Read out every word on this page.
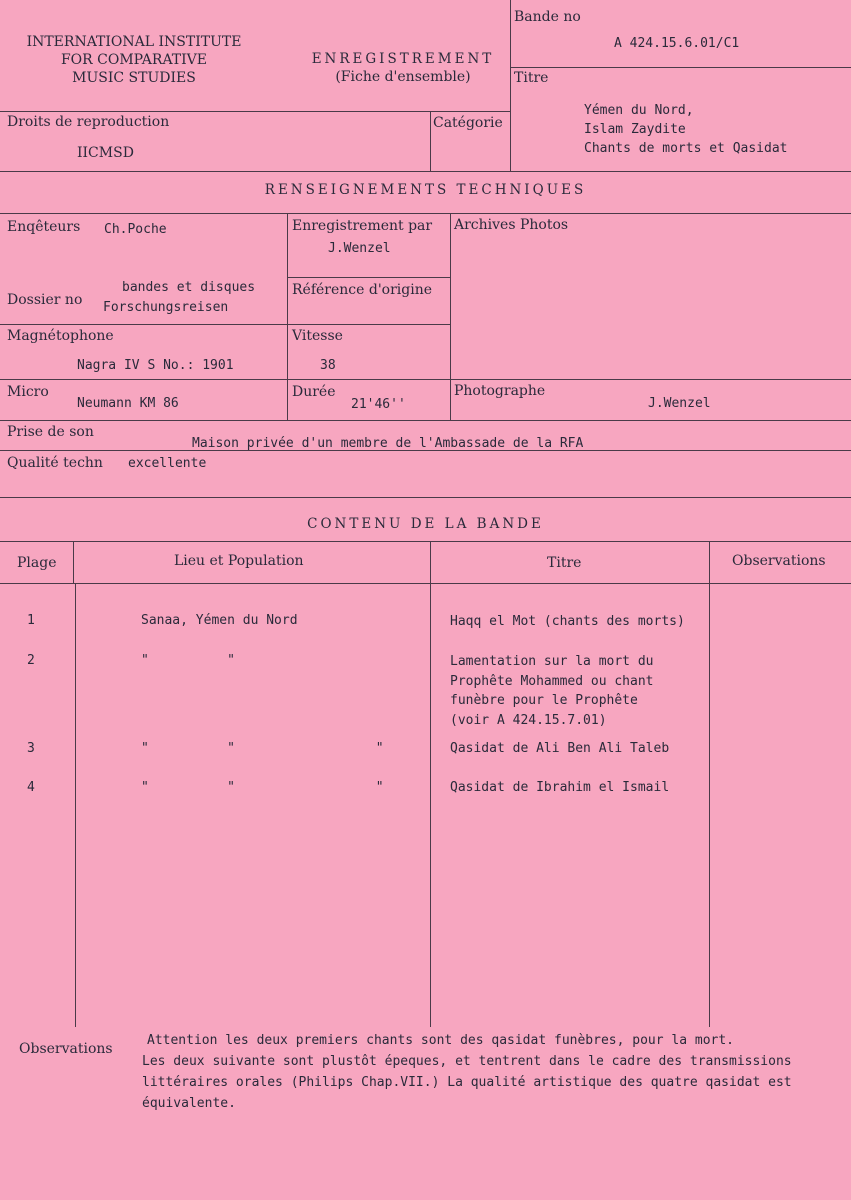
INTERNATIONAL INSTITUTE
FOR COMPARATIVE
MUSIC STUDIES
ENREGISTREMENT
(Fiche d'ensemble)
Bande no
A 424.15.6.01/C1
Titre
Yémen du Nord,
Islam Zaydite
Chants de morts et Qasidat
Droits de reproduction
IICMSD
Catégorie
RENSEIGNEMENTS TECHNIQUES
Enqêteurs Ch.Poche	Enregistrement par
J.Wenzel
Archives Photos
Dossier no
bandes et disques
Forschungsreisen
Référence d'origine
Magnétophone
Nagra IV S No.: 1901
Vitesse
38
Micro
Neumann KM 86
Durée
21'46''
Photographe
J.Wenzel
Prise de son
Maison privée d'un membre de l'Ambassade de la RFA
Qualité techn excellente
CONTENU DE LA BANDE
Plage	Lieu et Population	Titre	Observations
1	Sanaa, Yémen du Nord	Haqq el Mot (chants des morts)
2	"          "	Lamentation sur la mort du
Prophête Mohammed ou chant
funèbre pour le Prophête
(voir A 424.15.7.01)
3	"          "                  "	Qasidat de Ali Ben Ali Taleb
4	"          "                  "	Qasidat de Ibrahim el Ismail
Observations
Attention les deux premiers chants sont des qasidat funèbres, pour la mort.
Les deux suivante sont plustôt épeques, et tentrent dans le cadre des transmissions
littéraires orales (Philips Chap.VII.) La qualité artistique des quatre qasidat est
équivalente.
